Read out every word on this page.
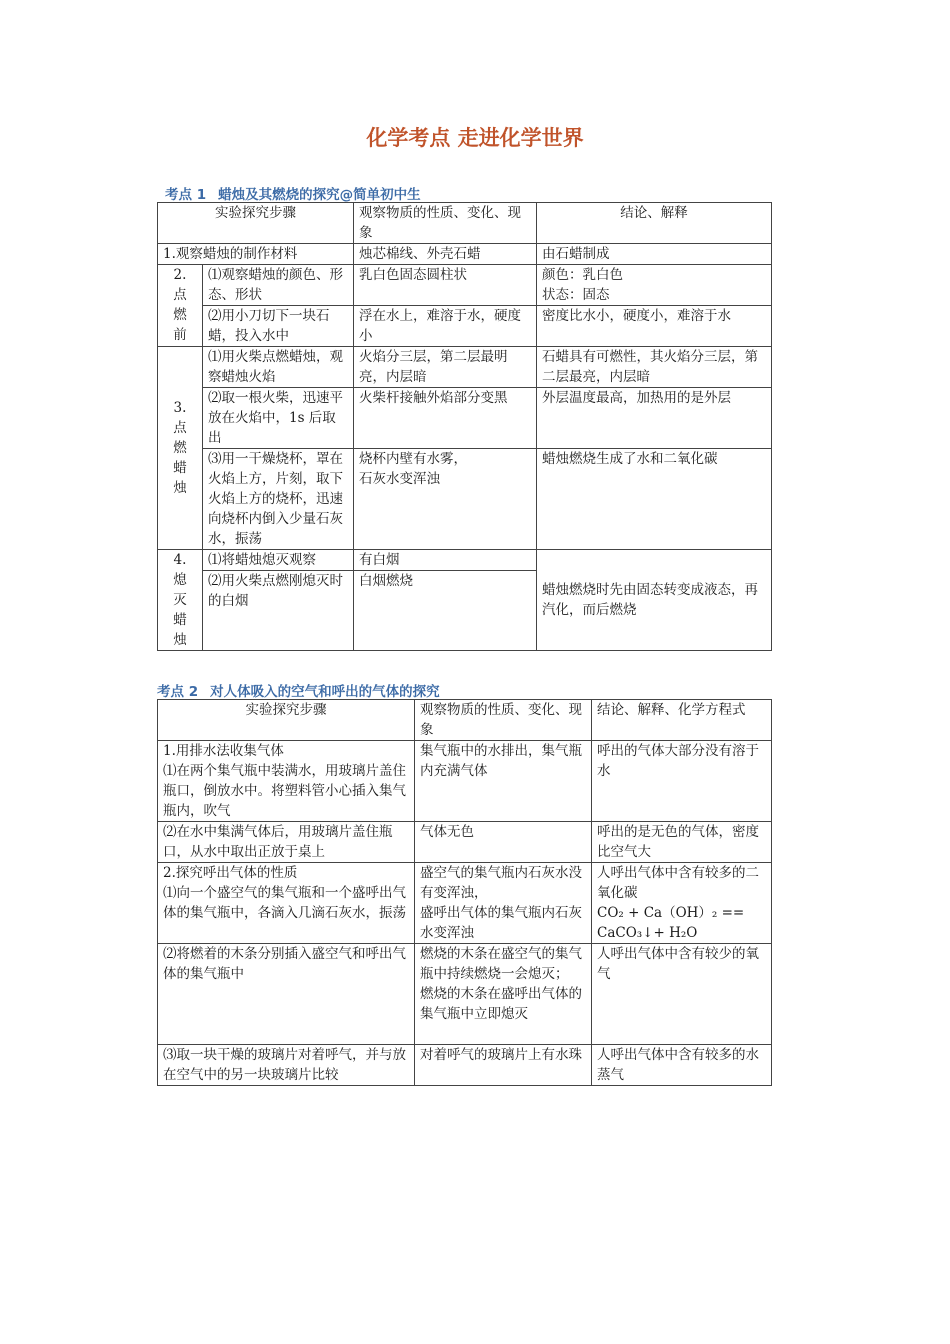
化学考点 走进化学世界
考点 1 蜡烛及其燃烧的探究@简单初中生
实验探究步骤		观察物质的性质、变化、现象	结论、解释
1.观察蜡烛的制作材料		烛芯棉线、外壳石蜡	由石蜡制成

2.
点
燃
前	⑴观察蜡烛的颜色、形态、形状	乳白色固态圆柱状	颜色：乳白色
状态：固态

	⑵用小刀切下一块石蜡，投入水中	浮在水上，难溶于水，硬度小	密度比水小，硬度小，难溶于水

3.
点
燃
蜡
烛	⑴用火柴点燃蜡烛，观察蜡烛火焰	火焰分三层，第二层最明亮，内层暗	石蜡具有可燃性，其火焰分三层，第二层最亮，内层暗
	⑵取一根火柴，迅速平放在火焰中，1s 后取出	火柴杆接触外焰部分变黑	外层温度最高，加热用的是外层
	⑶用一干燥烧杯，罩在火焰上方，片刻，取下火焰上方的烧杯，迅速向烧杯内倒入少量石灰水，振荡	烧杯内壁有水雾，
石灰水变浑浊	蜡烛燃烧生成了水和二氧化碳

4.
熄
灭
蜡
烛	⑴将蜡烛熄灭观察	有白烟	蜡烛燃烧时先由固态转变成液态，再汽化，而后燃烧
	⑵用火柴点燃刚熄灭时的白烟	白烟燃烧	
考点 2 对人体吸入的空气和呼出的气体的探究
实验探究步骤	观察物质的性质、变化、现象	结论、解释、化学方程式

1.用排水法收集气体
⑴在两个集气瓶中装满水，用玻璃片盖住瓶口，倒放水中。将塑料管小心插入集气瓶内，吹气	集气瓶中的水排出，集气瓶内充满气体	呼出的气体大部分没有溶于水
⑵在水中集满气体后，用玻璃片盖住瓶口，从水中取出正放于桌上	气体无色	呼出的是无色的气体，密度比空气大

2.探究呼出气体的性质
⑴向一个盛空气的集气瓶和一个盛呼出气体的集气瓶中，各滴入几滴石灰水，振荡	盛空气的集气瓶内石灰水没有变浑浊，
盛呼出气体的集气瓶内石灰水变浑浊	人呼出气体中含有较多的二氧化碳
CO₂ + Ca（OH）₂ ==
CaCO₃↓+ H₂O

⑵将燃着的木条分别插入盛空气和呼出气体的集气瓶中	燃烧的木条在盛空气的集气瓶中持续燃烧一会熄灭；
燃烧的木条在盛呼出气体的集气瓶中立即熄灭	人呼出气体中含有较少的氧气
⑶取一块干燥的玻璃片对着呼气，并与放在空气中的另一块玻璃片比较	对着呼气的玻璃片上有水珠	人呼出气体中含有较多的水蒸气
